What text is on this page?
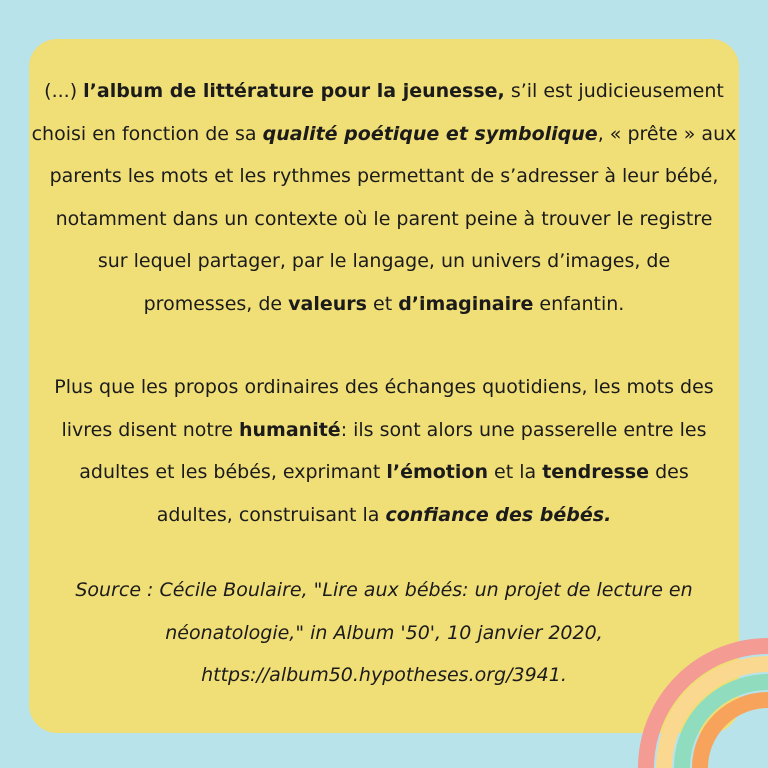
(...) l’album de littérature pour la jeunesse, s’il est judicieusement
choisi en fonction de sa qualité poétique et symbolique, « prête » aux
parents les mots et les rythmes permettant de s’adresser à leur bébé,
notamment dans un contexte où le parent peine à trouver le registre
sur lequel partager, par le langage, un univers d’images, de
promesses, de valeurs et d’imaginaire enfantin.
Plus que les propos ordinaires des échanges quotidiens, les mots des
livres disent notre humanité: ils sont alors une passerelle entre les
adultes et les bébés, exprimant l’émotion et la tendresse des
adultes, construisant la confiance des bébés.
Source : Cécile Boulaire, "Lire aux bébés: un projet de lecture en
néonatologie," in Album '50', 10 janvier 2020,
https://album50.hypotheses.org/3941.
